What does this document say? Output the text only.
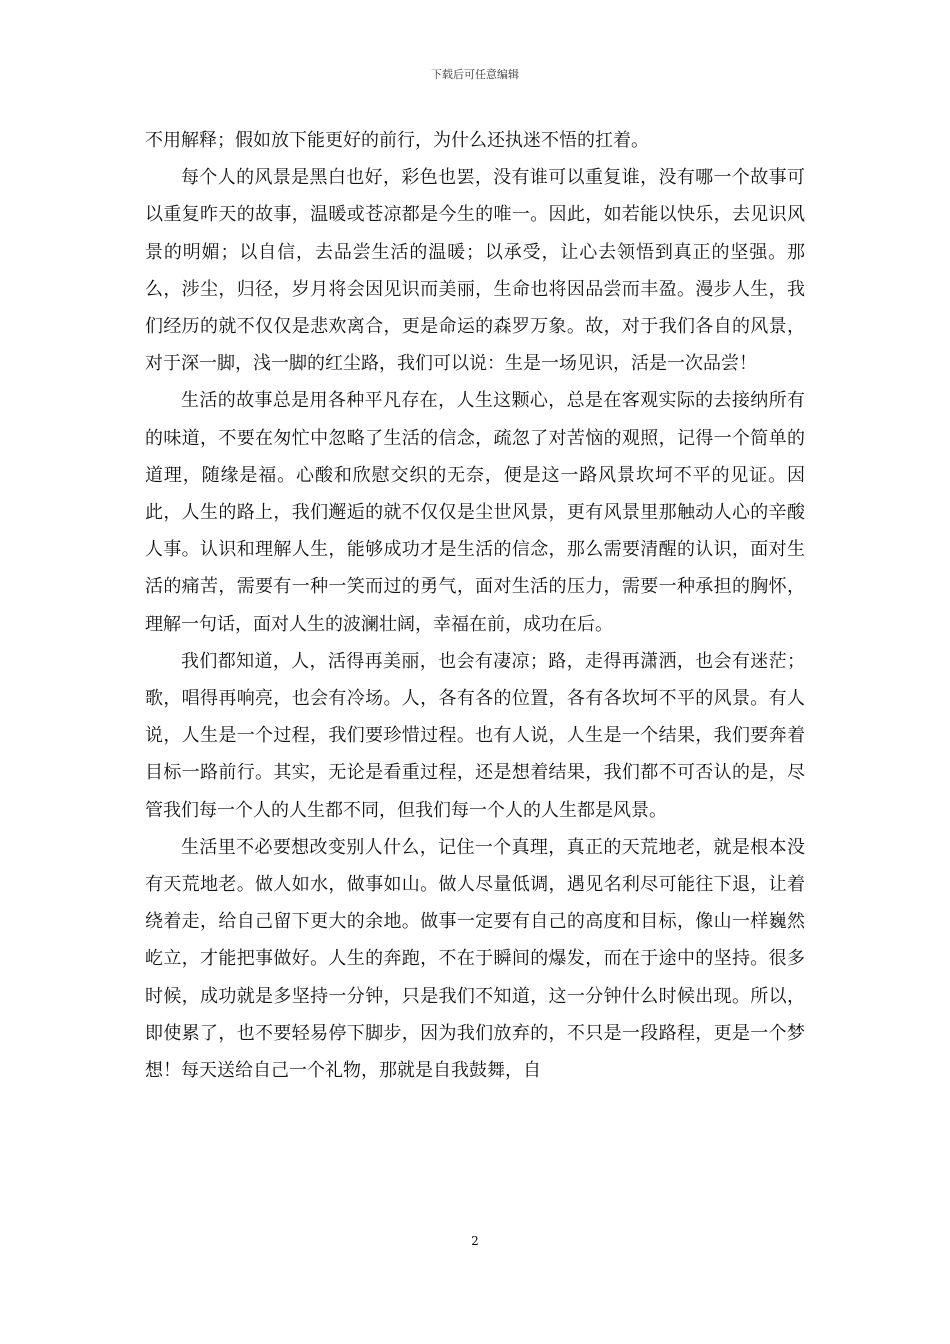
下载后可任意编辑

不用解释；假如放下能更好的前行，为什么还执迷不悟的扛着。

每个人的风景是黑白也好，彩色也罢，没有谁可以重复谁，没有哪一个故事可以重复昨天的故事，温暖或苍凉都是今生的唯一。因此，如若能以快乐，去见识风景的明媚；以自信，去品尝生活的温暖；以承受，让心去领悟到真正的坚强。那么，涉尘，归径，岁月将会因见识而美丽，生命也将因品尝而丰盈。漫步人生，我们经历的就不仅仅是悲欢离合，更是命运的森罗万象。故，对于我们各自的风景，对于深一脚，浅一脚的红尘路，我们可以说：生是一场见识，活是一次品尝！

生活的故事总是用各种平凡存在，人生这颗心，总是在客观实际的去接纳所有的味道，不要在匆忙中忽略了生活的信念，疏忽了对苦恼的观照，记得一个简单的道理，随缘是福。心酸和欣慰交织的无奈，便是这一路风景坎坷不平的见证。因此，人生的路上，我们邂逅的就不仅仅是尘世风景，更有风景里那触动人心的辛酸人事。认识和理解人生，能够成功才是生活的信念，那么需要清醒的认识，面对生活的痛苦，需要有一种一笑而过的勇气，面对生活的压力，需要一种承担的胸怀，理解一句话，面对人生的波澜壮阔，幸福在前，成功在后。

我们都知道，人，活得再美丽，也会有凄凉；路，走得再潇洒，也会有迷茫；歌，唱得再响亮，也会有冷场。人，各有各的位置，各有各坎坷不平的风景。有人说，人生是一个过程，我们要珍惜过程。也有人说，人生是一个结果，我们要奔着目标一路前行。其实，无论是看重过程，还是想着结果，我们都不可否认的是，尽管我们每一个人的人生都不同，但我们每一个人的人生都是风景。

生活里不必要想改变别人什么，记住一个真理，真正的天荒地老，就是根本没有天荒地老。做人如水，做事如山。做人尽量低调，遇见名利尽可能往下退，让着绕着走，给自己留下更大的余地。做事一定要有自己的高度和目标，像山一样巍然屹立，才能把事做好。人生的奔跑，不在于瞬间的爆发，而在于途中的坚持。很多时候，成功就是多坚持一分钟，只是我们不知道，这一分钟什么时候出现。所以，即使累了，也不要轻易停下脚步，因为我们放弃的，不只是一段路程，更是一个梦想！每天送给自己一个礼物，那就是自我鼓舞，自

2
